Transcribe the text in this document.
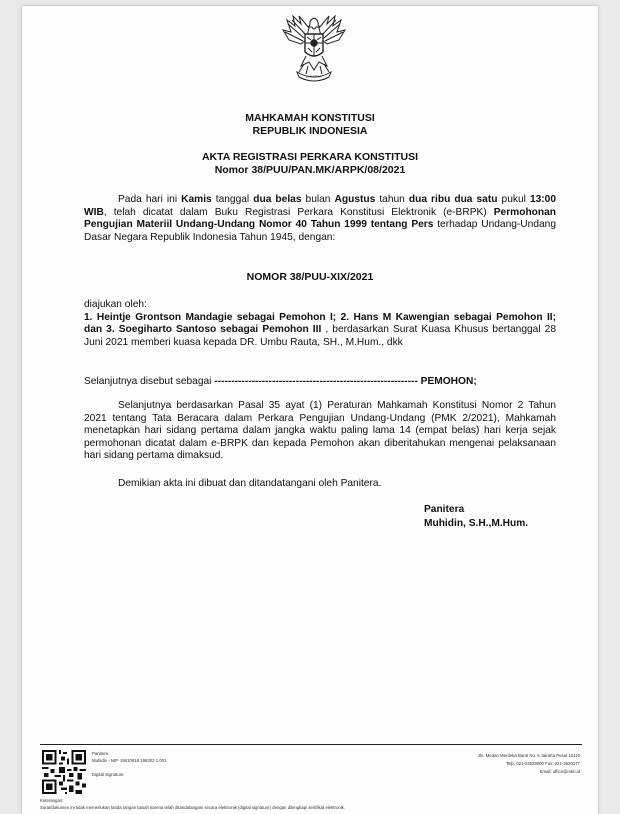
BHINNEKA
MAHKAMAH KONSTITUSI
REPUBLIK INDONESIA
AKTA REGISTRASI PERKARA KONSTITUSI
Nomor 38/PUU/PAN.MK/ARPK/08/2021

Pada hari ini Kamis tanggal dua belas bulan Agustus tahun dua ribu dua satu pukul 13:00 WIB, telah dicatat dalam Buku Registrasi Perkara Konstitusi Elektronik (e-BRPK) Permohonan Pengujian Materiil Undang-Undang Nomor 40 Tahun 1999 tentang Pers terhadap Undang-Undang Dasar Negara Republik Indonesia Tahun 1945, dengan:

NOMOR 38/PUU-XIX/2021

diajukan oleh:
1. Heintje Grontson Mandagie sebagai Pemohon I; 2. Hans M Kawengian sebagai Pemohon II; dan 3. Soegiharto Santoso sebagai Pemohon III , berdasarkan Surat Kuasa Khusus bertanggal 28 Juni 2021 memberi kuasa kepada DR. Umbu Rauta, SH., M.Hum., dkk

Selanjutnya disebut sebagai ------------------------------------------------------------ PEMOHON;

Selanjutnya berdasarkan Pasal 35 ayat (1) Peraturan Mahkamah Konstitusi Nomor 2 Tahun 2021 tentang Tata Beracara dalam Perkara Pengujian Undang-Undang (PMK 2/2021), Mahkamah menetapkan hari sidang pertama dalam jangka waktu paling lama 14 (empat belas) hari kerja sejak permohonan dicatat dalam e-BRPK dan kepada Pemohon akan diberitahukan mengenai pelaksanaan hari sidang pertama dimaksud.

Demikian akta ini dibuat dan ditandatangani oleh Panitera.

Panitera
Muhidin, S.H.,M.Hum.
Panitera
Muhidin - NIP. 19610818 198302 1 001
Digital Signature
Jln. Medan Merdeka Barat No. 6 Jakarta Pusat 10110
Telp: 021-23529000 Fax: 021-3520177
Email: office@mkri.id
Keterangan:
Surat/dokumen ini tidak memerlukan tanda tangan basah karena telah ditandatangani secara elektronik (digital signature) dengan dilengkapi sertifikat elektronik.
